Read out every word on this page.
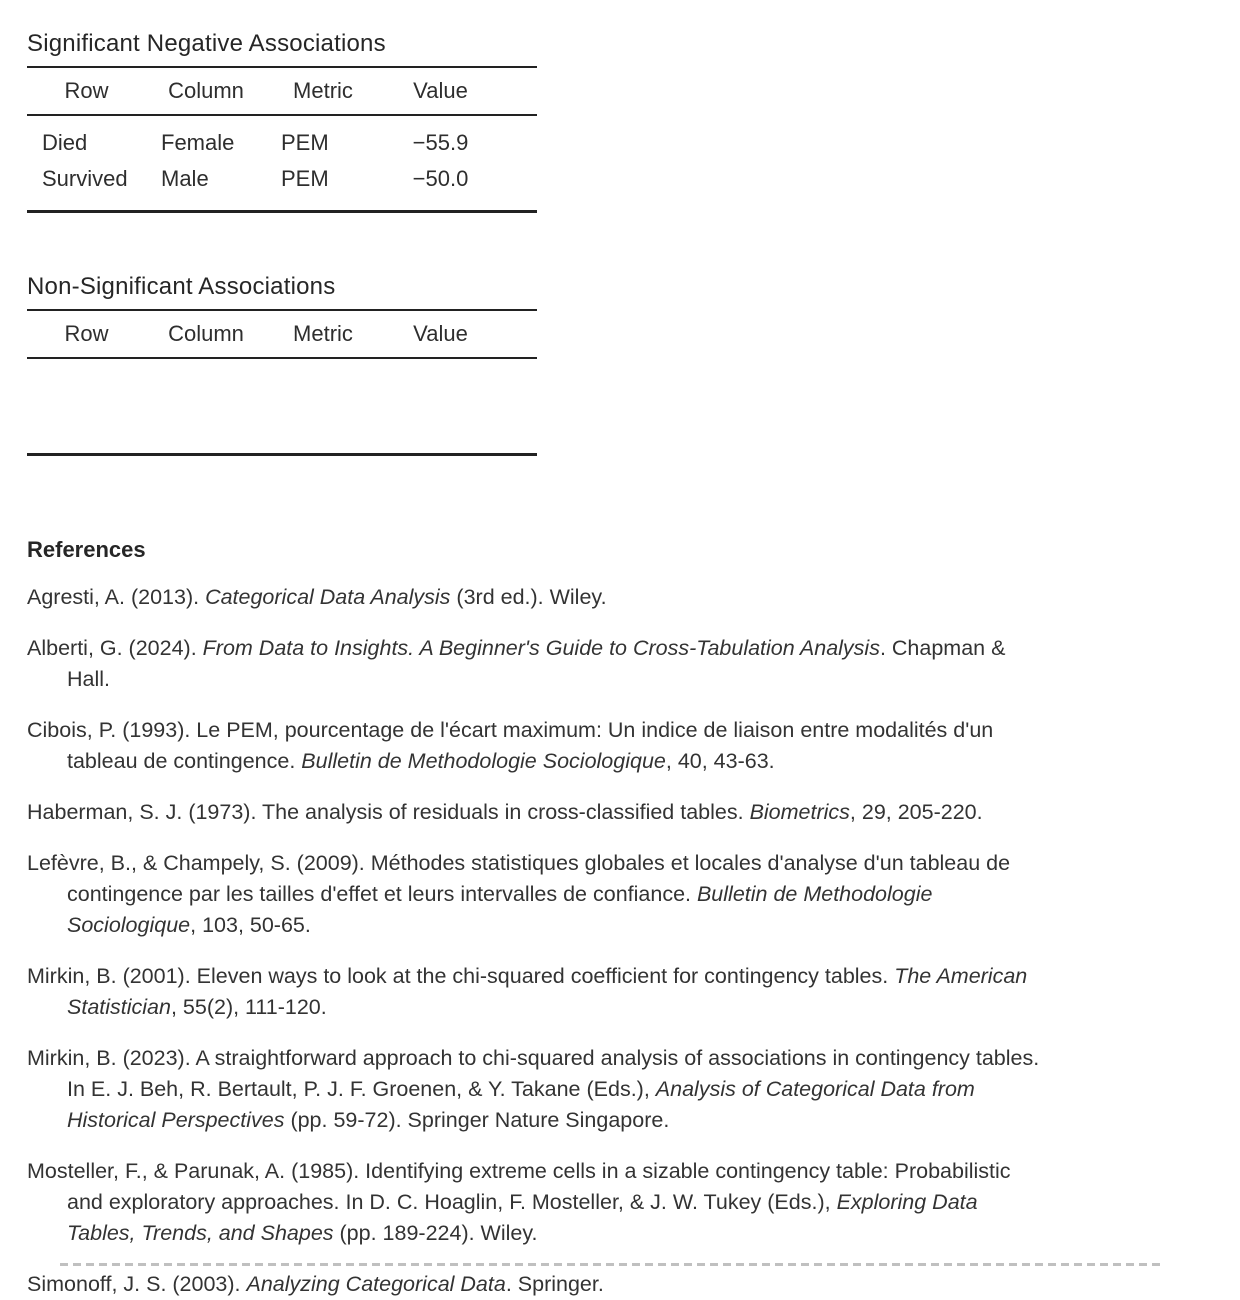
Significant Negative Associations
Row	Column	Metric	Value
Died	Female	PEM	−55.9
Survived	Male	PEM	−50.0
Non-Significant Associations
Row	Column	Metric	Value

References

Agresti, A. (2013). Categorical Data Analysis (3rd ed.). Wiley.

Alberti, G. (2024). From Data to Insights. A Beginner's Guide to Cross-Tabulation Analysis. Chapman & Hall.

Cibois, P. (1993). Le PEM, pourcentage de l'écart maximum: Un indice de liaison entre modalités d'un tableau de contingence. Bulletin de Methodologie Sociologique, 40, 43-63.

Haberman, S. J. (1973). The analysis of residuals in cross-classified tables. Biometrics, 29, 205-220.

Lefèvre, B., & Champely, S. (2009). Méthodes statistiques globales et locales d'analyse d'un tableau de contingence par les tailles d'effet et leurs intervalles de confiance. Bulletin de Methodologie Sociologique, 103, 50-65.

Mirkin, B. (2001). Eleven ways to look at the chi-squared coefficient for contingency tables. The American Statistician, 55(2), 111-120.

Mirkin, B. (2023). A straightforward approach to chi-squared analysis of associations in contingency tables. In E. J. Beh, R. Bertault, P. J. F. Groenen, & Y. Takane (Eds.), Analysis of Categorical Data from Historical Perspectives (pp. 59-72). Springer Nature Singapore.

Mosteller, F., & Parunak, A. (1985). Identifying extreme cells in a sizable contingency table: Probabilistic and exploratory approaches. In D. C. Hoaglin, F. Mosteller, & J. W. Tukey (Eds.), Exploring Data Tables, Trends, and Shapes (pp. 189-224). Wiley.

Simonoff, J. S. (2003). Analyzing Categorical Data. Springer.
